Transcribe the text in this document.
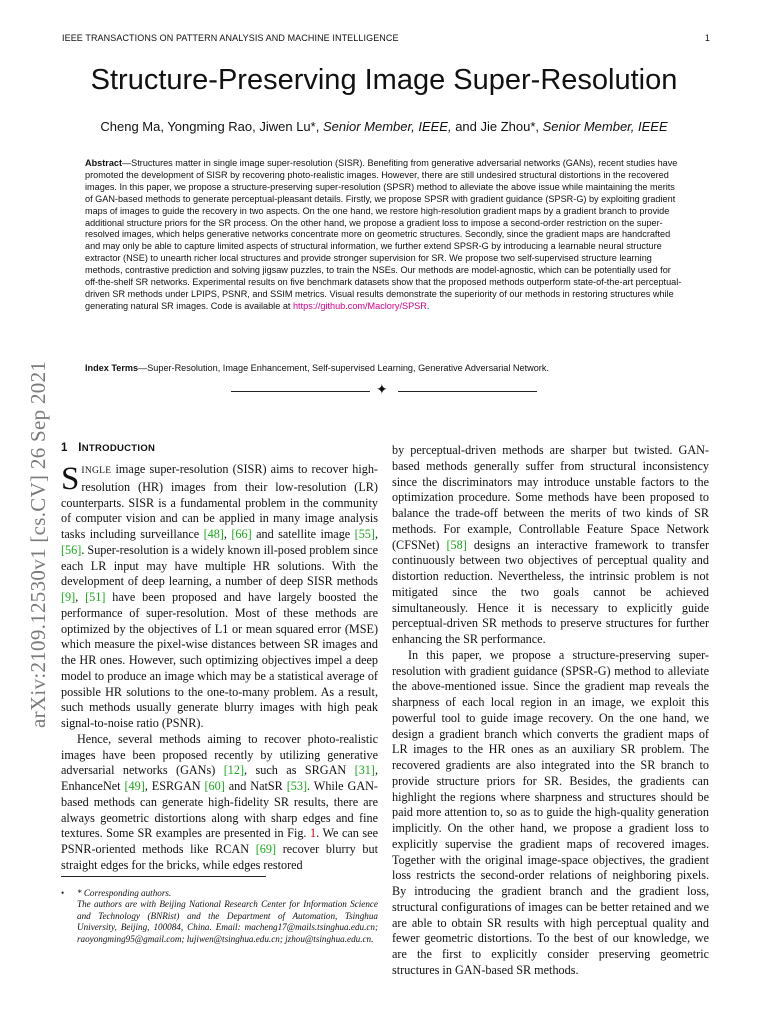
IEEE TRANSACTIONS ON PATTERN ANALYSIS AND MACHINE INTELLIGENCE	1
arXiv:2109.12530v1 [cs.CV] 26 Sep 2021
Structure-Preserving Image Super-Resolution
Cheng Ma, Yongming Rao, Jiwen Lu*, Senior Member, IEEE, and Jie Zhou*, Senior Member, IEEE
Abstract—Structures matter in single image super-resolution (SISR). Benefiting from generative adversarial networks (GANs), recent studies have promoted the development of SISR by recovering photo-realistic images. However, there are still undesired structural distortions in the recovered images. In this paper, we propose a structure-preserving super-resolution (SPSR) method to alleviate the above issue while maintaining the merits of GAN-based methods to generate perceptual-pleasant details. Firstly, we propose SPSR with gradient guidance (SPSR-G) by exploiting gradient maps of images to guide the recovery in two aspects. On the one hand, we restore high-resolution gradient maps by a gradient branch to provide additional structure priors for the SR process. On the other hand, we propose a gradient loss to impose a second-order restriction on the super-resolved images, which helps generative networks concentrate more on geometric structures. Secondly, since the gradient maps are handcrafted and may only be able to capture limited aspects of structural information, we further extend SPSR-G by introducing a learnable neural structure extractor (NSE) to unearth richer local structures and provide stronger supervision for SR. We propose two self-supervised structure learning methods, contrastive prediction and solving jigsaw puzzles, to train the NSEs. Our methods are model-agnostic, which can be potentially used for off-the-shelf SR networks. Experimental results on five benchmark datasets show that the proposed methods outperform state-of-the-art perceptual-driven SR methods under LPIPS, PSNR, and SSIM metrics. Visual results demonstrate the superiority of our methods in restoring structures while generating natural SR images. Code is available at https://github.com/Maclory/SPSR.
Index Terms—Super-Resolution, Image Enhancement, Self-supervised Learning, Generative Adversarial Network.
✦
1 INTRODUCTION

SINGLE image super-resolution (SISR) aims to recover high-resolution (HR) images from their low-resolution (LR) counterparts. SISR is a fundamental problem in the community of computer vision and can be applied in many image analysis tasks including surveillance [48], [66] and satellite image [55], [56]. Super-resolution is a widely known ill-posed problem since each LR input may have multiple HR solutions. With the development of deep learning, a number of deep SISR methods [9], [51] have been proposed and have largely boosted the performance of super-resolution. Most of these methods are optimized by the objectives of L1 or mean squared error (MSE) which measure the pixel-wise distances between SR images and the HR ones. However, such optimizing objectives impel a deep model to produce an image which may be a statistical average of possible HR solutions to the one-to-many problem. As a result, such methods usually generate blurry images with high peak signal-to-noise ratio (PSNR).

Hence, several methods aiming to recover photo-realistic images have been proposed recently by utilizing generative adversarial networks (GANs) [12], such as SRGAN [31], EnhanceNet [49], ESRGAN [60] and NatSR [53]. While GAN-based methods can generate high-fidelity SR results, there are always geometric distortions along with sharp edges and fine textures. Some SR examples are presented in Fig. 1. We can see PSNR-oriented methods like RCAN [69] recover blurry but straight edges for the bricks, while edges restored

• * Corresponding authors.

The authors are with Beijing National Research Center for Information Science and Technology (BNRist) and the Department of Automation, Tsinghua University, Beijing, 100084, China. Email: macheng17@mails.tsinghua.edu.cn; raoyongming95@gmail.com; lujiwen@tsinghua.edu.cn; jzhou@tsinghua.edu.cn.

by perceptual-driven methods are sharper but twisted. GAN-based methods generally suffer from structural inconsistency since the discriminators may introduce unstable factors to the optimization procedure. Some methods have been proposed to balance the trade-off between the merits of two kinds of SR methods. For example, Controllable Feature Space Network (CFSNet) [58] designs an interactive framework to transfer continuously between two objectives of perceptual quality and distortion reduction. Nevertheless, the intrinsic problem is not mitigated since the two goals cannot be achieved simultaneously. Hence it is necessary to explicitly guide perceptual-driven SR methods to preserve structures for further enhancing the SR performance.

In this paper, we propose a structure-preserving super-resolution with gradient guidance (SPSR-G) method to alleviate the above-mentioned issue. Since the gradient map reveals the sharpness of each local region in an image, we exploit this powerful tool to guide image recovery. On the one hand, we design a gradient branch which converts the gradient maps of LR images to the HR ones as an auxiliary SR problem. The recovered gradients are also integrated into the SR branch to provide structure priors for SR. Besides, the gradients can highlight the regions where sharpness and structures should be paid more attention to, so as to guide the high-quality generation implicitly. On the other hand, we propose a gradient loss to explicitly supervise the gradient maps of recovered images. Together with the original image-space objectives, the gradient loss restricts the second-order relations of neighboring pixels. By introducing the gradient branch and the gradient loss, structural configurations of images can be better retained and we are able to obtain SR results with high perceptual quality and fewer geometric distortions. To the best of our knowledge, we are the first to explicitly consider preserving geometric structures in GAN-based SR methods.
